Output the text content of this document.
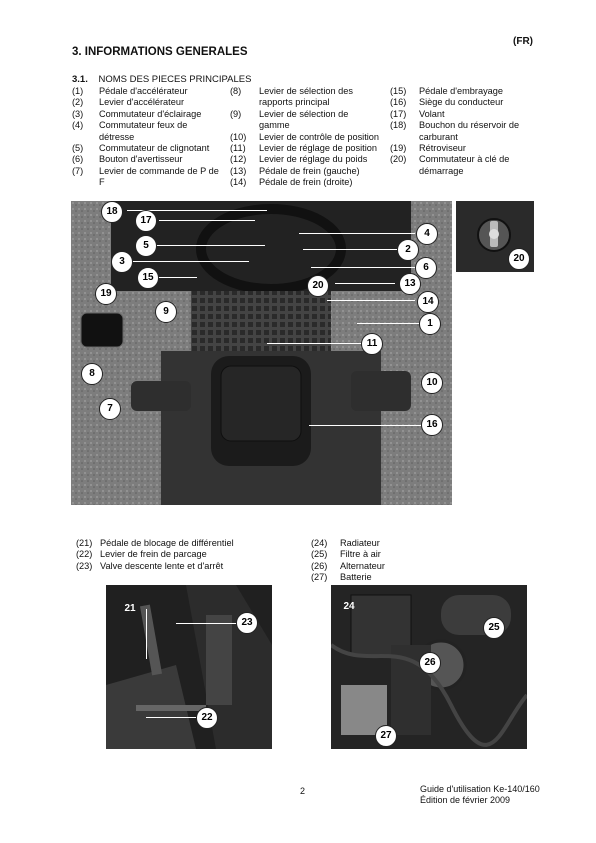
(FR)
3. INFORMATIONS GENERALES
3.1. NOMS DES PIECES PRINCIPALES
(1) Pédale d'accélérateur
(2) Levier d'accélérateur
(3) Commutateur d'éclairage
(4) Commutateur feux de
détresse
(5) Commutateur de clignotant
(6) Bouton d'avertisseur
(7) Levier de commande de P de
F
(8) Levier de sélection des
rapports principal
(9) Levier de sélection de
gamme
(10) Levier de contrôle de position
(11) Levier de réglage de position
(12) Levier de réglage du poids
(13) Pédale de frein (gauche)
(14) Pédale de frein (droite)
(15) Pédale d'embrayage
(16) Siège du conducteur
(17) Volant
(18) Bouchon du réservoir de
carburant
(19) Rétroviseur
(20) Commutateur à clé de
démarrage
18
17
5
3
15
19
9
8
7
4
2
6
20	13
14
1
11
10
16
20
(21) Pédale de blocage de différentiel
(22) Levier de frein de parcage
(23) Valve descente lente et d'arrêt
(24) Radiateur
(25) Filtre à air
(26) Alternateur
(27) Batterie
21
23
22
24
25
26
27
2	Guide d'utilisation Ke-140/160
Édition de février 2009
